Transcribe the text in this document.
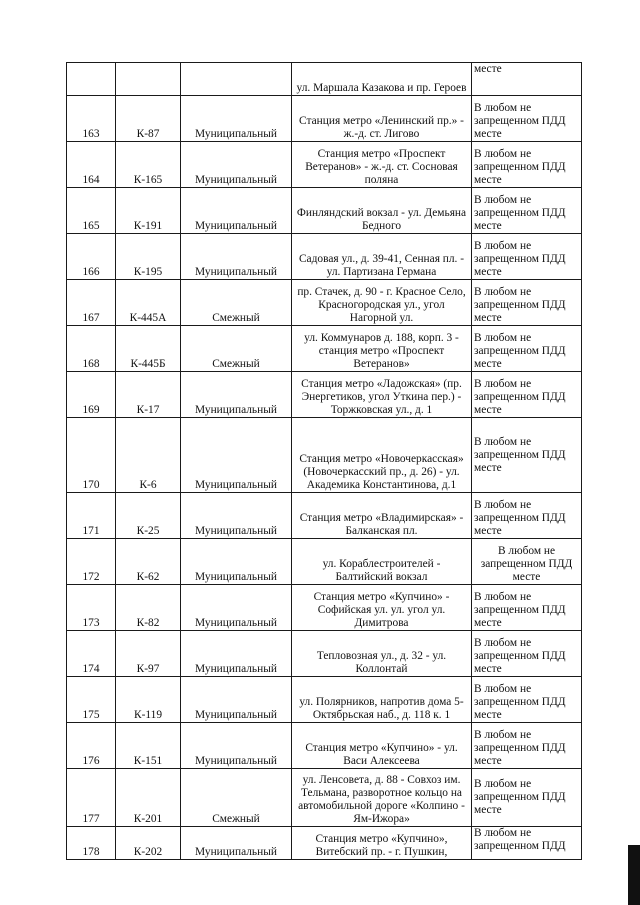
			ул. Маршала Казакова и пр. Героев	месте
163	К-87	Муниципальный	Станция метро «Ленинский пр.» - ж.-д. ст. Лигово	В любом не запрещенном ПДД месте
164	К-165	Муниципальный	Станция метро «Проспект Ветеранов» - ж.-д. ст. Сосновая поляна	В любом не запрещенном ПДД месте
165	К-191	Муниципальный	Финляндский вокзал - ул. Демьяна Бедного	В любом не запрещенном ПДД месте
166	К-195	Муниципальный	Садовая ул., д. 39-41, Сенная пл. - ул. Партизана Германа	В любом не запрещенном ПДД месте
167	К-445А	Смежный	пр. Стачек, д. 90 - г. Красное Село, Красногородская ул., угол Нагорной ул.	В любом не запрещенном ПДД месте
168	К-445Б	Смежный	ул. Коммунаров д. 188, корп. 3 - станция метро «Проспект Ветеранов»	В любом не запрещенном ПДД месте
169	К-17	Муниципальный	Станция метро «Ладожская» (пр. Энергетиков, угол Уткина пер.) - Торжковская ул., д. 1	В любом не запрещенном ПДД месте
170	К-6	Муниципальный	Станция метро «Новочеркасская» (Новочеркасский пр., д. 26) - ул. Академика Константинова, д.1	В любом не запрещенном ПДД месте
171	К-25	Муниципальный	Станция метро «Владимирская» - Балканская пл.	В любом не запрещенном ПДД месте
172	К-62	Муниципальный	ул. Кораблестроителей - Балтийский вокзал	В любом не запрещенном ПДД месте
173	К-82	Муниципальный	Станция метро «Купчино» - Софийская ул. ул. угол ул. Димитрова	В любом не запрещенном ПДД месте
174	К-97	Муниципальный	Тепловозная ул., д. 32 - ул. Коллонтай	В любом не запрещенном ПДД месте
175	К-119	Муниципальный	ул. Полярников, напротив дома 5- Октябрьская наб., д. 118 к. 1	В любом не запрещенном ПДД месте
176	К-151	Муниципальный	Станция метро «Купчино» - ул. Васи Алексеева	В любом не запрещенном ПДД месте
177	К-201	Смежный	ул. Ленсовета, д. 88 - Совхоз им. Тельмана, разворотное кольцо на автомобильной дороге «Колпино - Ям-Ижора»	В любом не запрещенном ПДД месте
178	К-202	Муниципальный	Станция метро «Купчино», Витебский пр. - г. Пушкин,	В любом не запрещенном ПДД
